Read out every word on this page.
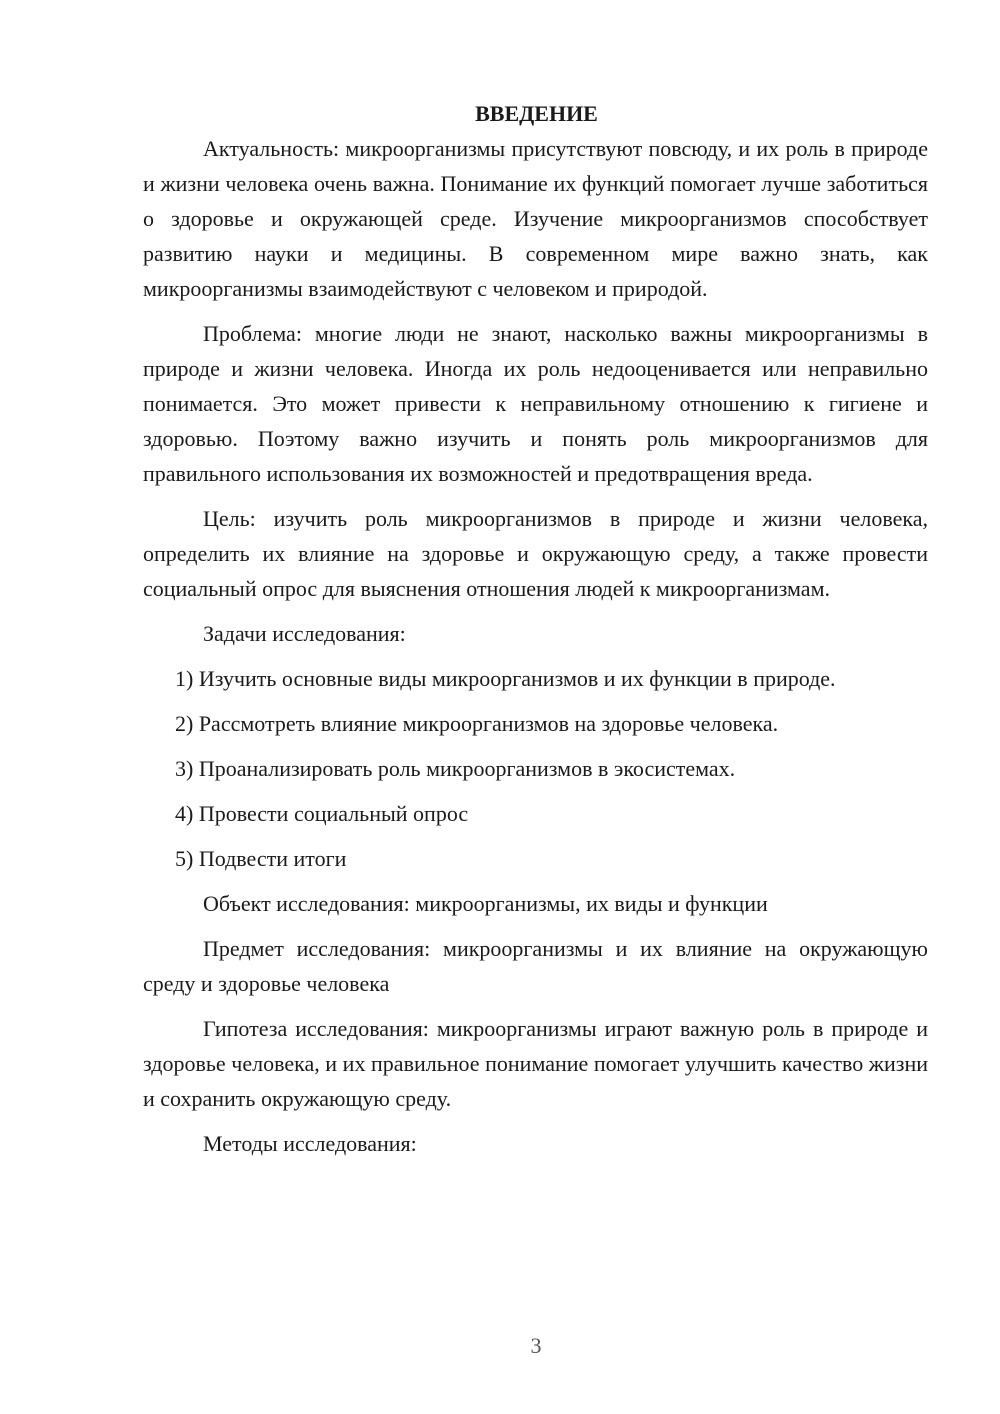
ВВЕДЕНИЕ

Актуальность: микроорганизмы присутствуют повсюду, и их роль в природе и жизни человека очень важна. Понимание их функций помогает лучше заботиться о здоровье и окружающей среде. Изучение микроорганизмов способствует развитию науки и медицины. В современном мире важно знать, как микроорганизмы взаимодействуют с человеком и природой.

Проблема: многие люди не знают, насколько важны микроорганизмы в природе и жизни человека. Иногда их роль недооценивается или неправильно понимается. Это может привести к неправильному отношению к гигиене и здоровью. Поэтому важно изучить и понять роль микроорганизмов для правильного использования их возможностей и предотвращения вреда.

Цель: изучить роль микроорганизмов в природе и жизни человека, определить их влияние на здоровье и окружающую среду, а также провести социальный опрос для выяснения отношения людей к микроорганизмам.

Задачи исследования:

1) Изучить основные виды микроорганизмов и их функции в природе.
2) Рассмотреть влияние микроорганизмов на здоровье человека.
3) Проанализировать роль микроорганизмов в экосистемах.
4) Провести социальный опрос
5) Подвести итоги

Объект исследования: микроорганизмы, их виды и функции

Предмет исследования: микроорганизмы и их влияние на окружающую среду и здоровье человека

Гипотеза исследования: микроорганизмы играют важную роль в природе и здоровье человека, и их правильное понимание помогает улучшить качество жизни и сохранить окружающую среду.

Методы исследования:

3
